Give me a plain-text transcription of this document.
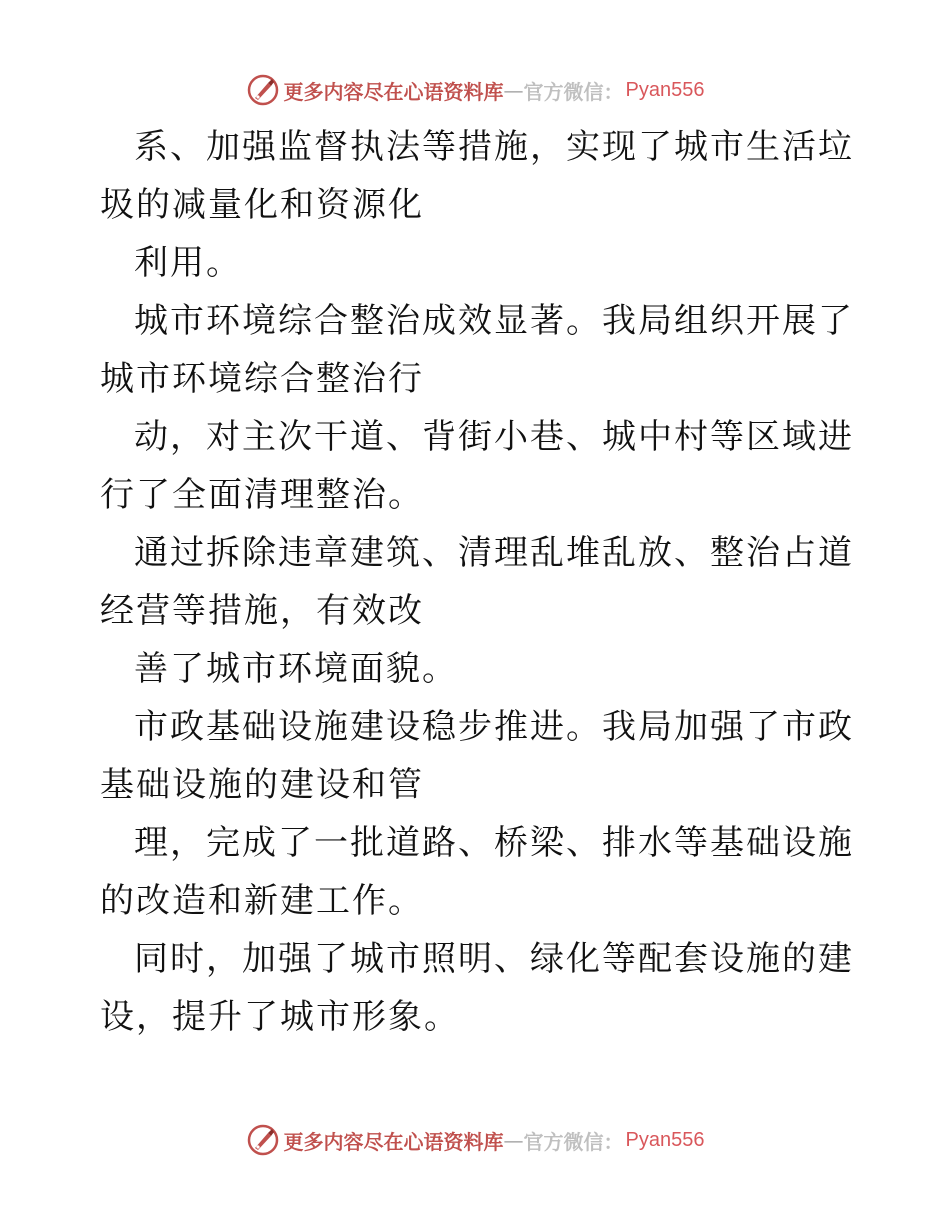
更多内容尽在心语资料库 — 官方微信： Pyan556

系、加强监督执法等措施，实现了城市生活垃圾的减量化和资源化

利用。

城市环境综合整治成效显著。我局组织开展了城市环境综合整治行

动，对主次干道、背街小巷、城中村等区域进行了全面清理整治。

通过拆除违章建筑、清理乱堆乱放、整治占道经营等措施，有效改

善了城市环境面貌。

市政基础设施建设稳步推进。我局加强了市政基础设施的建设和管

理，完成了一批道路、桥梁、排水等基础设施的改造和新建工作。

同时，加强了城市照明、绿化等配套设施的建设，提升了城市形象。

更多内容尽在心语资料库 — 官方微信： Pyan556
